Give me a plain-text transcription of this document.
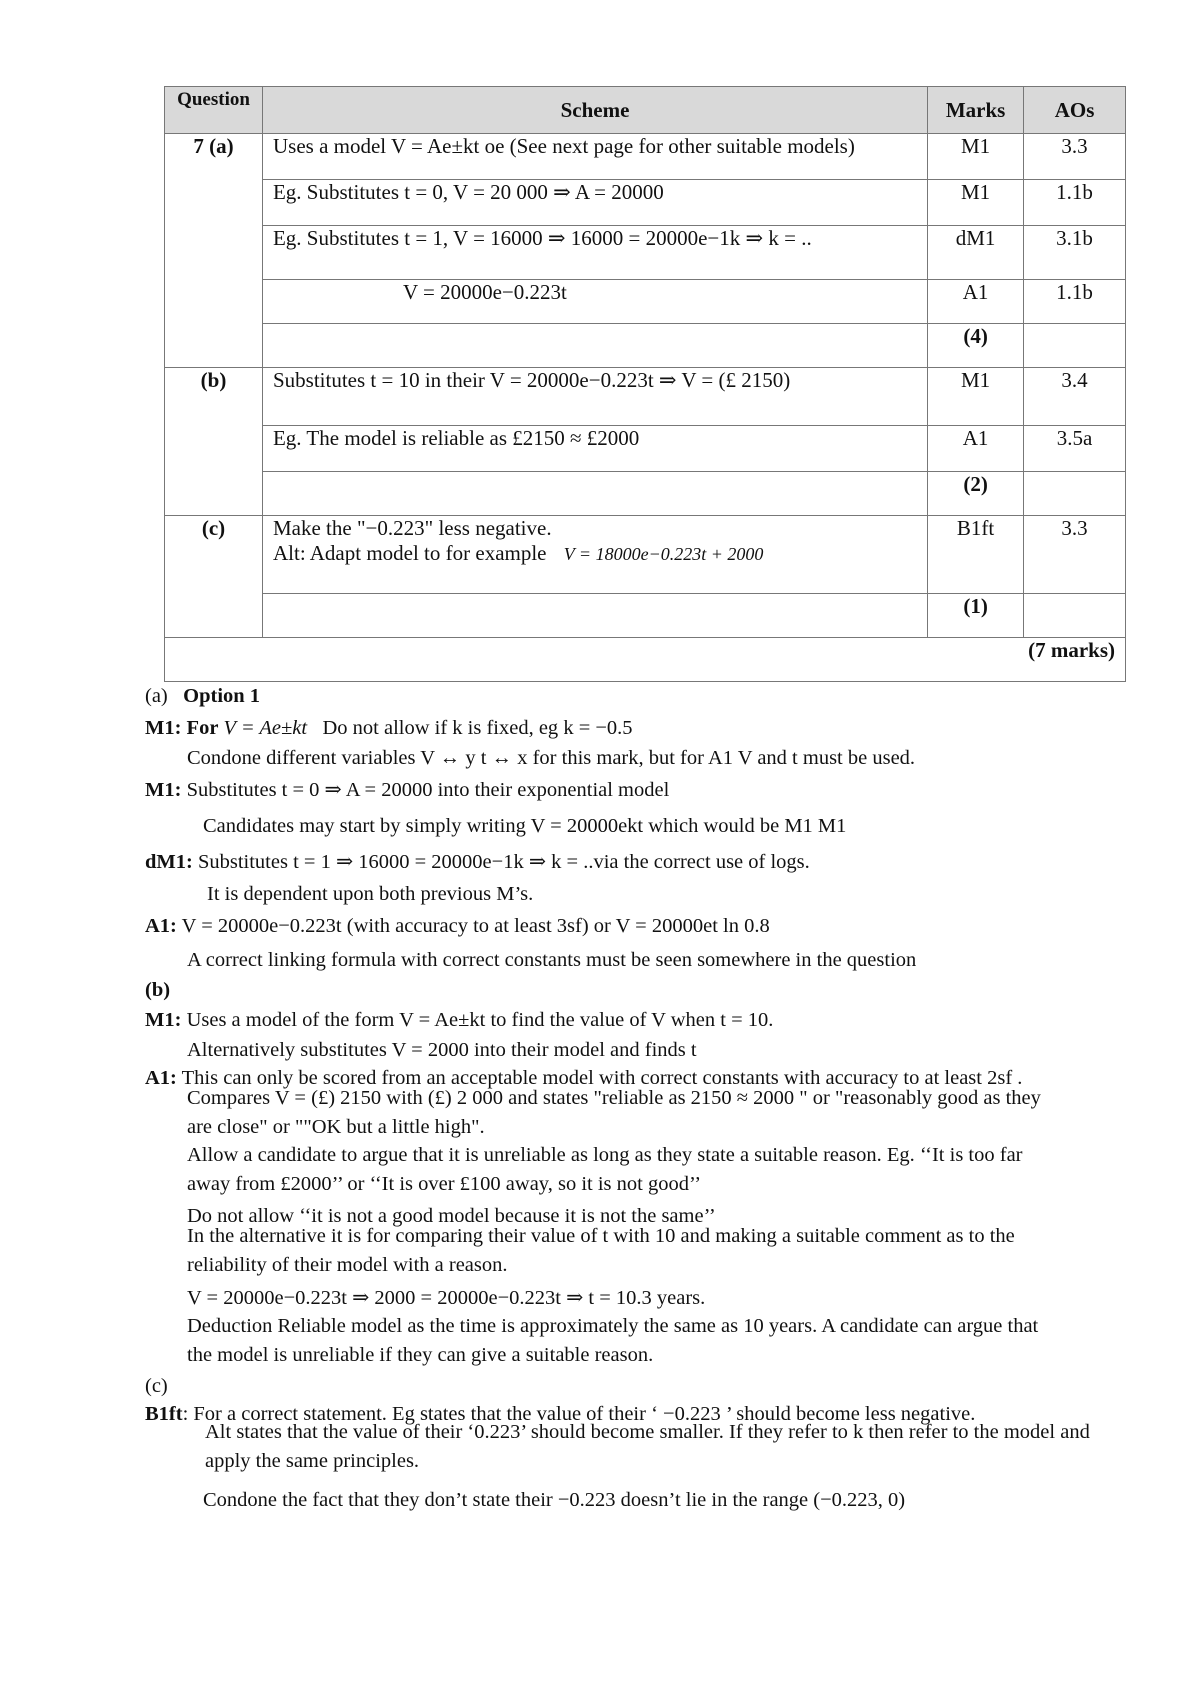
Question	Scheme	Marks	AOs
7 (a)	Uses a model V = Ae±kt oe (See next page for other suitable models)	M1	3.3
	Eg. Substitutes t = 0, V = 20 000 ⇒ A = 20000	M1	1.1b
	Eg. Substitutes t = 1, V = 16000 ⇒ 16000 = 20000e−1k ⇒ k = ..	dM1	3.1b
	V = 20000e−0.223t	A1	1.1b
		(4)	
(b)	Substitutes t = 10 in their V = 20000e−0.223t ⇒ V = (£ 2150)	M1	3.4
	Eg. The model is reliable as £2150 ≈ £2000	A1	3.5a
		(2)	
(c)	Make the "−0.223" less negative.
Alt: Adapt model to for example V = 18000e−0.223t + 2000	B1ft	3.3
		(1)	
(7 marks)			
(a) Option 1
M1: For V = Ae±kt Do not allow if k is fixed, eg k = −0.5
Condone different variables V ↔ y t ↔ x for this mark, but for A1 V and t must be used.
M1: Substitutes t = 0 ⇒ A = 20000 into their exponential model
Candidates may start by simply writing V = 20000ekt which would be M1 M1
dM1: Substitutes t = 1 ⇒ 16000 = 20000e−1k ⇒ k = ..via the correct use of logs.
It is dependent upon both previous M’s.
A1: V = 20000e−0.223t (with accuracy to at least 3sf) or V = 20000et ln 0.8
A correct linking formula with correct constants must be seen somewhere in the question
(b)
M1: Uses a model of the form V = Ae±kt to find the value of V when t = 10.
Alternatively substitutes V = 2000 into their model and finds t
A1: This can only be scored from an acceptable model with correct constants with accuracy to at least 2sf .
Compares V = (£) 2150 with (£) 2 000 and states "reliable as 2150 ≈ 2000 " or "reasonably good as they are close" or ""OK but a little high".
Allow a candidate to argue that it is unreliable as long as they state a suitable reason. Eg. ‘‘It is too far away from £2000’’ or ‘‘It is over £100 away, so it is not good’’
Do not allow ‘‘it is not a good model because it is not the same’’
In the alternative it is for comparing their value of t with 10 and making a suitable comment as to the reliability of their model with a reason.
V = 20000e−0.223t ⇒ 2000 = 20000e−0.223t ⇒ t = 10.3 years.
Deduction Reliable model as the time is approximately the same as 10 years. A candidate can argue that the model is unreliable if they can give a suitable reason.
(c)
B1ft: For a correct statement. Eg states that the value of their ‘ −0.223 ’ should become less negative.
Alt states that the value of their ‘0.223’ should become smaller. If they refer to k then refer to the model and apply the same principles.
Condone the fact that they don’t state their −0.223 doesn’t lie in the range (−0.223, 0)
